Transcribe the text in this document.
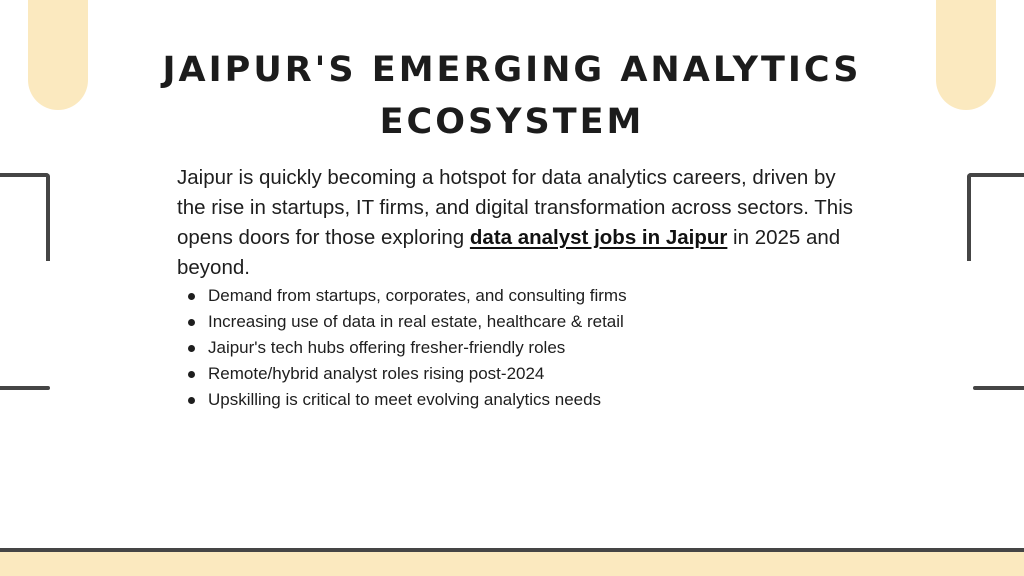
JAIPUR'S EMERGING ANALYTICS ECOSYSTEM

Jaipur is quickly becoming a hotspot for data analytics careers, driven by the rise in startups, IT firms, and digital transformation across sectors. This opens doors for those exploring data analyst jobs in Jaipur in 2025 and beyond.

Demand from startups, corporates, and consulting firms
Increasing use of data in real estate, healthcare & retail
Jaipur's tech hubs offering fresher-friendly roles
Remote/hybrid analyst roles rising post-2024
Upskilling is critical to meet evolving analytics needs
